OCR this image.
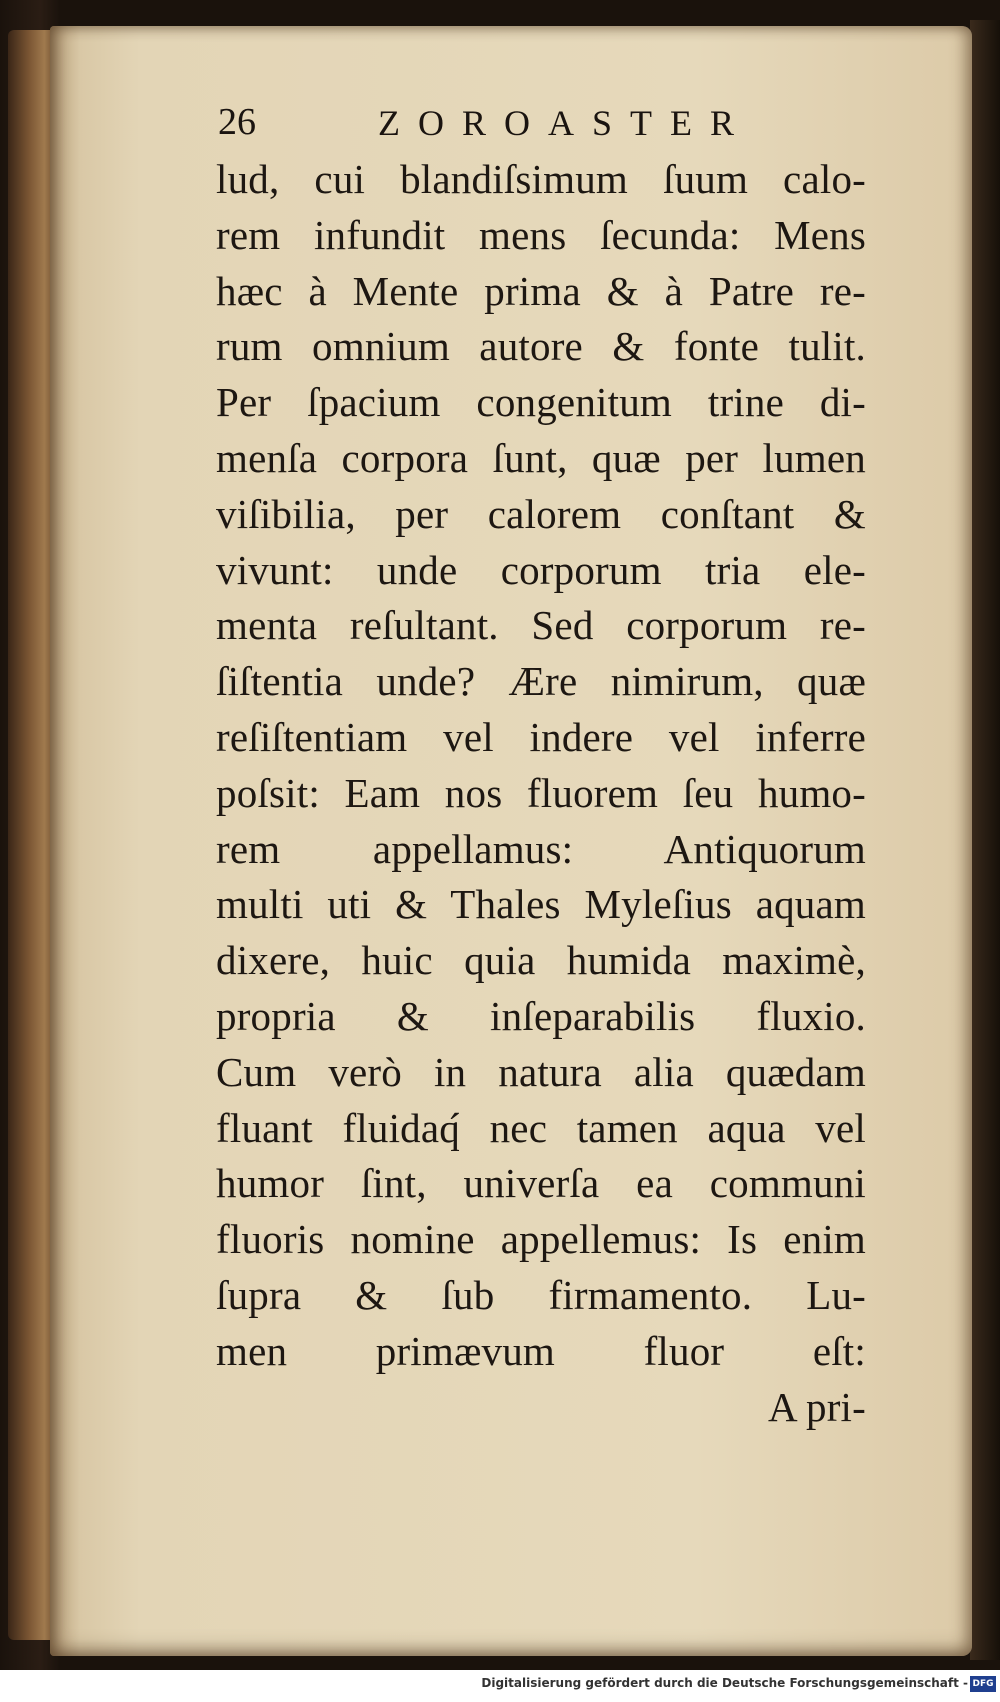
26	ZOROASTER
lud, cui blandiſsimum ſuum calo-
rem infundit mens ſecunda: Mens
hæc à Mente prima & à Patre re-
rum omnium autore & fonte tulit.
Per ſpacium congenitum trine di-
menſa corpora ſunt, quæ per lumen
viſibilia, per calorem conſtant &
vivunt: unde corporum tria ele-
menta reſultant. Sed corporum re-
ſiſtentia unde? Ære nimirum, quæ
reſiſtentiam vel indere vel inferre
poſsit: Eam nos fluorem ſeu humo-
rem appellamus: Antiquorum
multi uti & Thales Myleſius aquam
dixere, huic quia humida maximè,
propria & inſeparabilis fluxio.
Cum verò in natura alia quædam
fluant fluidaq́ nec tamen aqua vel
humor ſint, univerſa ea communi
fluoris nomine appellemus: Is enim
ſupra & ſub firmamento. Lu-
men primævum fluor eſt:
A pri-
Digitalisierung gefördert durch die Deutsche Forschungsgemeinschaft - DFG
